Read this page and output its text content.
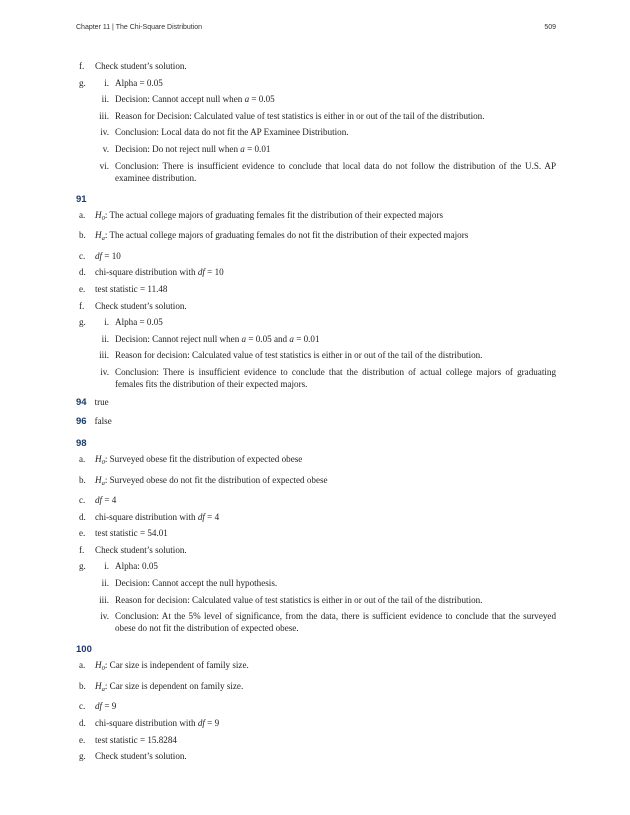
Chapter 11 | The Chi-Square Distribution	509
f. Check student’s solution.
g.	i. Alpha = 0.05
ii. Decision: Cannot accept null when a = 0.05
iii. Reason for Decision: Calculated value of test statistics is either in or out of the tail of the distribution.
iv. Conclusion: Local data do not fit the AP Examinee Distribution.
v. Decision: Do not reject null when a = 0.01
vi. Conclusion: There is insufficient evidence to conclude that local data do not follow the distribution of the U.S. AP examinee distribution.
91
a. $H_0$: The actual college majors of graduating females fit the distribution of their expected majors
b. $H_a$: The actual college majors of graduating females do not fit the distribution of their expected majors
c. df = 10
d. chi-square distribution with df = 10
e. test statistic = 11.48
f. Check student’s solution.
g.	i. Alpha = 0.05
ii. Decision: Cannot reject null when a = 0.05 and a = 0.01
iii. Reason for decision: Calculated value of test statistics is either in or out of the tail of the distribution.
iv. Conclusion: There is insufficient evidence to conclude that the distribution of actual college majors of graduating females fits the distribution of their expected majors.
94 true
96 false
98
a. $H_0$: Surveyed obese fit the distribution of expected obese
b. $H_a$: Surveyed obese do not fit the distribution of expected obese
c. df = 4
d. chi-square distribution with df = 4
e. test statistic = 54.01
f. Check student’s solution.
g.	i. Alpha: 0.05
ii. Decision: Cannot accept the null hypothesis.
iii. Reason for decision: Calculated value of test statistics is either in or out of the tail of the distribution.
iv. Conclusion: At the 5% level of significance, from the data, there is sufficient evidence to conclude that the surveyed obese do not fit the distribution of expected obese.
100
a. $H_0$: Car size is independent of family size.
b. $H_a$: Car size is dependent on family size.
c. df = 9
d. chi-square distribution with df = 9
e. test statistic = 15.8284
g. Check student’s solution.
